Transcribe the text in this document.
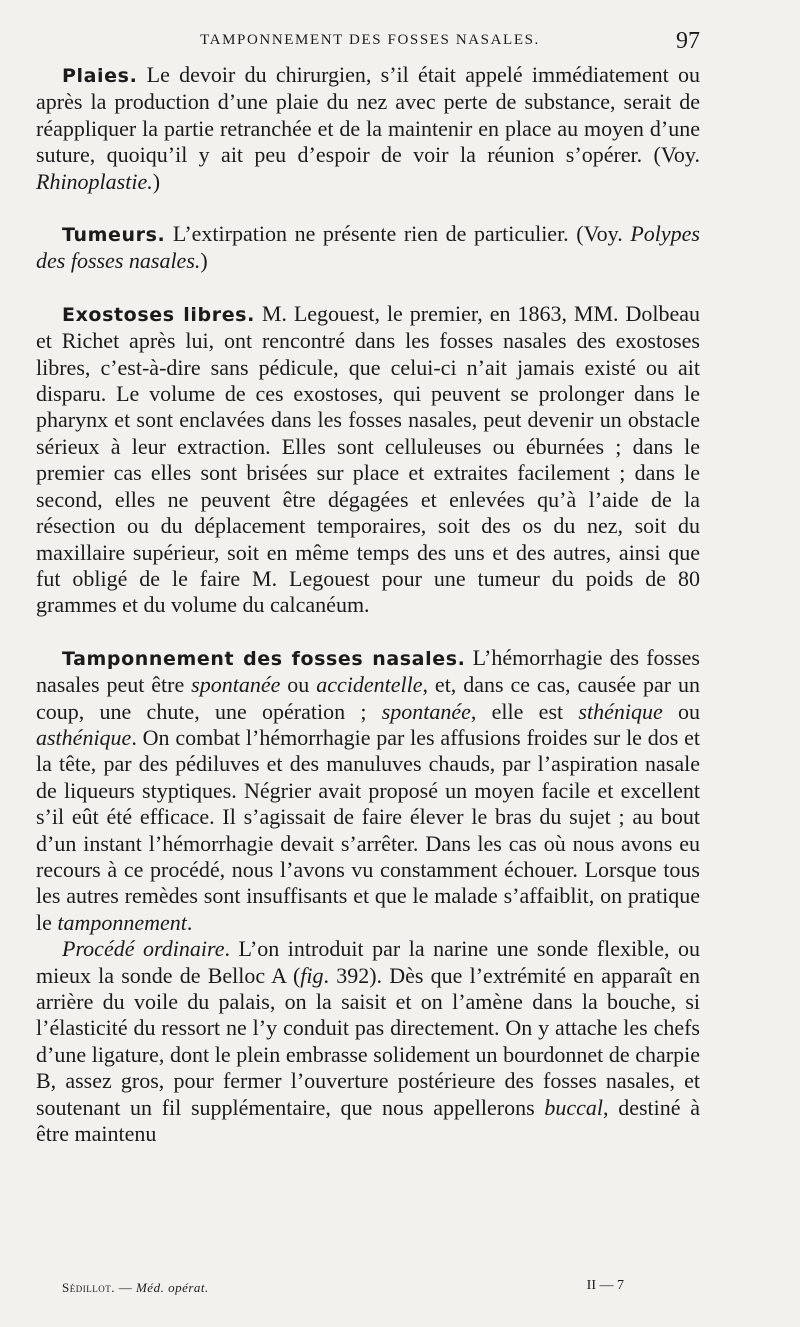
TAMPONNEMENT DES FOSSES NASALES.	97

Plaies. Le devoir du chirurgien, s’il était appelé immédiatement ou après la production d’une plaie du nez avec perte de substance, serait de réappliquer la partie retranchée et de la maintenir en place au moyen d’une suture, quoiqu’il y ait peu d’espoir de voir la réunion s’opérer. (Voy. Rhinoplastie.)

Tumeurs. L’extirpation ne présente rien de particulier. (Voy. Polypes des fosses nasales.)

Exostoses libres. M. Legouest, le premier, en 1863, MM. Dolbeau et Richet après lui, ont rencontré dans les fosses nasales des exostoses libres, c’est-à-dire sans pédicule, que celui-ci n’ait jamais existé ou ait disparu. Le volume de ces exostoses, qui peuvent se prolonger dans le pharynx et sont enclavées dans les fosses nasales, peut devenir un obstacle sérieux à leur extraction. Elles sont celluleuses ou éburnées ; dans le premier cas elles sont brisées sur place et extraites facilement ; dans le second, elles ne peuvent être dégagées et enlevées qu’à l’aide de la résection ou du déplacement temporaires, soit des os du nez, soit du maxillaire supérieur, soit en même temps des uns et des autres, ainsi que fut obligé de le faire M. Legouest pour une tumeur du poids de 80 grammes et du volume du calcanéum.

Tamponnement des fosses nasales. L’hémorrhagie des fosses nasales peut être spontanée ou accidentelle, et, dans ce cas, causée par un coup, une chute, une opération ; spontanée, elle est sthénique ou asthénique. On combat l’hémorrhagie par les affusions froides sur le dos et la tête, par des pédiluves et des manuluves chauds, par l’aspiration nasale de liqueurs styptiques. Négrier avait proposé un moyen facile et excellent s’il eût été efficace. Il s’agissait de faire élever le bras du sujet ; au bout d’un instant l’hémorrhagie devait s’arrêter. Dans les cas où nous avons eu recours à ce procédé, nous l’avons vu constamment échouer. Lorsque tous les autres remèdes sont insuffisants et que le malade s’affaiblit, on pratique le tamponnement.

Procédé ordinaire. L’on introduit par la narine une sonde flexible, ou mieux la sonde de Belloc A (fig. 392). Dès que l’extrémité en apparaît en arrière du voile du palais, on la saisit et on l’amène dans la bouche, si l’élasticité du ressort ne l’y conduit pas directement. On y attache les chefs d’une ligature, dont le plein embrasse solidement un bourdonnet de charpie B, assez gros, pour fermer l’ouverture postérieure des fosses nasales, et soutenant un fil supplémentaire, que nous appellerons buccal, destiné à être maintenu

Sédillot. — Méd. opérat.	II — 7
